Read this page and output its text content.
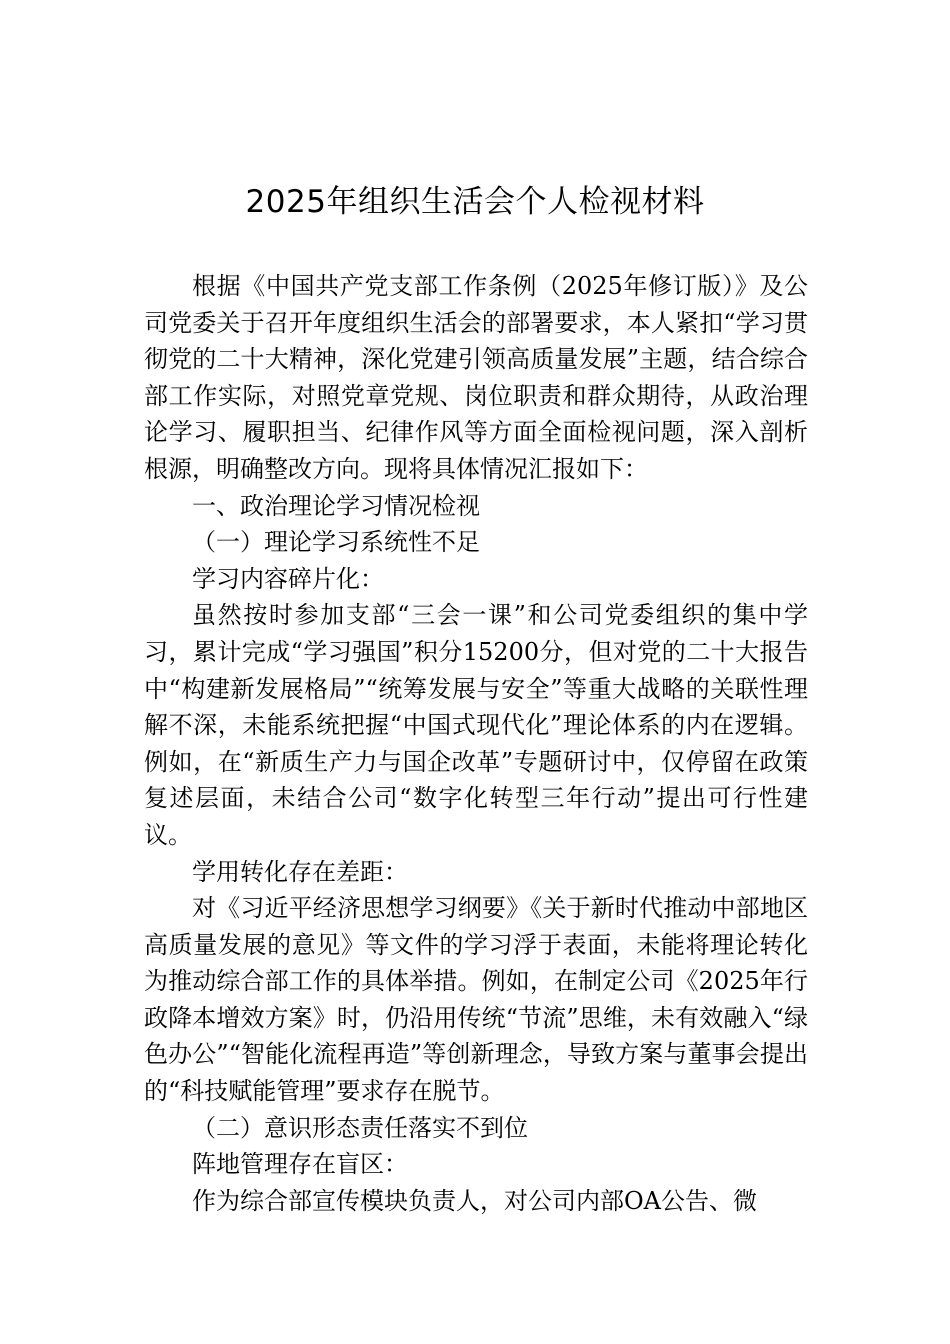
2025年组织生活会个人检视材料

根据《中国共产党支部工作条例（2025年修订版）》及公司党委关于召开年度组织生活会的部署要求，本人紧扣“学习贯彻党的二十大精神，深化党建引领高质量发展”主题，结合综合部工作实际，对照党章党规、岗位职责和群众期待，从政治理论学习、履职担当、纪律作风等方面全面检视问题，深入剖析根源，明确整改方向。现将具体情况汇报如下：

一、政治理论学习情况检视

（一）理论学习系统性不足

学习内容碎片化：

虽然按时参加支部“三会一课”和公司党委组织的集中学习，累计完成“学习强国”积分15200分，但对党的二十大报告中“构建新发展格局”“统筹发展与安全”等重大战略的关联性理解不深，未能系统把握“中国式现代化”理论体系的内在逻辑。例如，在“新质生产力与国企改革”专题研讨中，仅停留在政策复述层面，未结合公司“数字化转型三年行动”提出可行性建议。

学用转化存在差距：

对《习近平经济思想学习纲要》《关于新时代推动中部地区高质量发展的意见》等文件的学习浮于表面，未能将理论转化为推动综合部工作的具体举措。例如，在制定公司《2025年行政降本增效方案》时，仍沿用传统“节流”思维，未有效融入“绿色办公”“智能化流程再造”等创新理念，导致方案与董事会提出的“科技赋能管理”要求存在脱节。

（二）意识形态责任落实不到位

阵地管理存在盲区：

作为综合部宣传模块负责人，对公司内部OA公告、微
